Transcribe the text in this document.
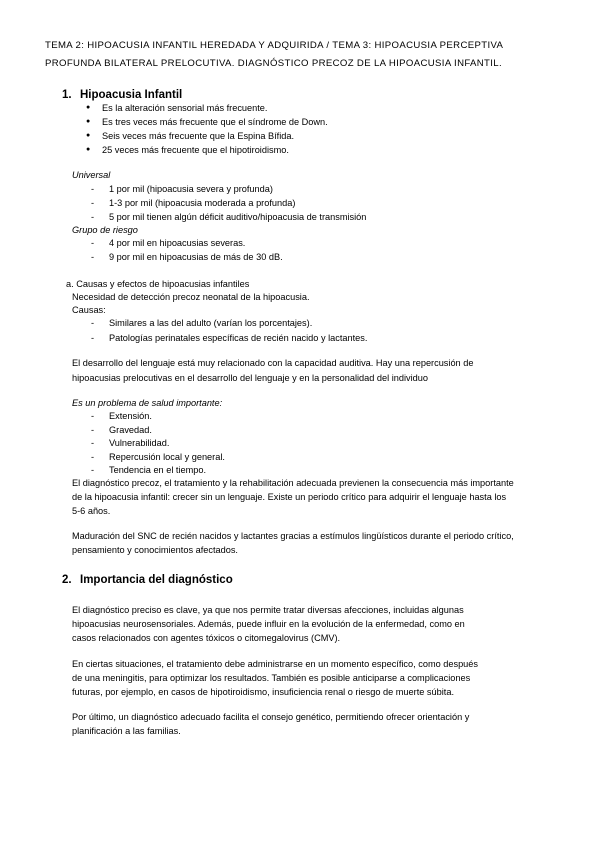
TEMA 2: HIPOACUSIA INFANTIL HEREDADA Y ADQUIRIDA / TEMA 3: HIPOACUSIA PERCEPTIVA
PROFUNDA BILATERAL PRELOCUTIVA. DIAGNÓSTICO PRECOZ DE LA HIPOACUSIA INFANTIL.
1. Hipoacusia Infantil
● Es la alteración sensorial más frecuente.
● Es tres veces más frecuente que el síndrome de Down.
● Seis veces más frecuente que la Espina Bífida.
● 25 veces más frecuente que el hipotiroidismo.
Universal
- 1 por mil (hipoacusia severa y profunda)
- 1-3 por mil (hipoacusia moderada a profunda)
- 5 por mil tienen algún déficit auditivo/hipoacusia de transmisión
Grupo de riesgo
- 4 por mil en hipoacusias severas.
- 9 por mil en hipoacusias de más de 30 dB.
a. Causas y efectos de hipoacusias infantiles
Necesidad de detección precoz neonatal de la hipoacusia.
Causas:
- Similares a las del adulto (varían los porcentajes).
- Patologías perinatales específicas de recién nacido y lactantes.
El desarrollo del lenguaje está muy relacionado con la capacidad auditiva. Hay una repercusión de
hipoacusias prelocutivas en el desarrollo del lenguaje y en la personalidad del individuo
Es un problema de salud importante:
- Extensión.
- Gravedad.
- Vulnerabilidad.
- Repercusión local y general.
- Tendencia en el tiempo.
El diagnóstico precoz, el tratamiento y la rehabilitación adecuada previenen la consecuencia más importante
de la hipoacusia infantil: crecer sin un lenguaje. Existe un periodo crítico para adquirir el lenguaje hasta los
5-6 años.
Maduración del SNC de recién nacidos y lactantes gracias a estímulos lingüísticos durante el periodo crítico,
pensamiento y conocimientos afectados.
2. Importancia del diagnóstico
El diagnóstico preciso es clave, ya que nos permite tratar diversas afecciones, incluidas algunas
hipoacusias neurosensoriales. Además, puede influir en la evolución de la enfermedad, como en
casos relacionados con agentes tóxicos o citomegalovirus (CMV).
En ciertas situaciones, el tratamiento debe administrarse en un momento específico, como después
de una meningitis, para optimizar los resultados. También es posible anticiparse a complicaciones
futuras, por ejemplo, en casos de hipotiroidismo, insuficiencia renal o riesgo de muerte súbita.
Por último, un diagnóstico adecuado facilita el consejo genético, permitiendo ofrecer orientación y
planificación a las familias.
